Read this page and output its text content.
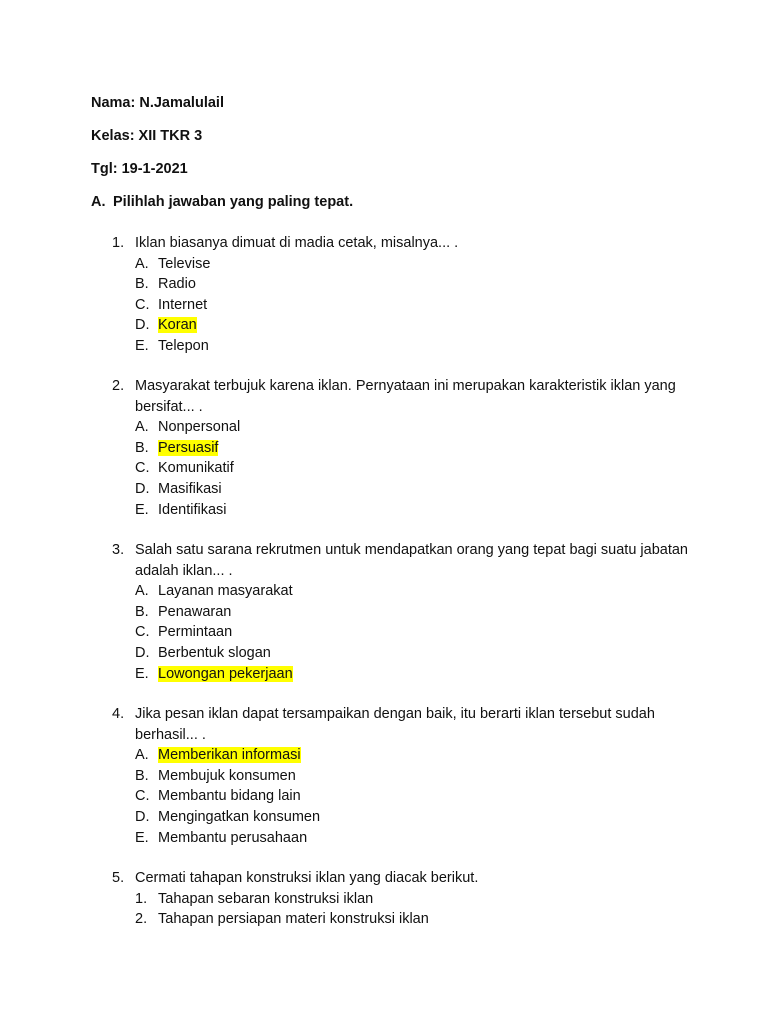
Nama: N.Jamalulail
Kelas: XII TKR 3
Tgl: 19-1-2021
A. Pilihlah jawaban yang paling tepat.
1. Iklan biasanya dimuat di madia cetak, misalnya... .
A. Televise
B. Radio
C. Internet
D. Koran
E. Telepon
2. Masyarakat terbujuk karena iklan. Pernyataan ini merupakan karakteristik iklan yang bersifat... .
A. Nonpersonal
B. Persuasif
C. Komunikatif
D. Masifikasi
E. Identifikasi
3. Salah satu sarana rekrutmen untuk mendapatkan orang yang tepat bagi suatu jabatan adalah iklan... .
A. Layanan masyarakat
B. Penawaran
C. Permintaan
D. Berbentuk slogan
E. Lowongan pekerjaan
4. Jika pesan iklan dapat tersampaikan dengan baik, itu berarti iklan tersebut sudah berhasil... .
A. Memberikan informasi
B. Membujuk konsumen
C. Membantu bidang lain
D. Mengingatkan konsumen
E. Membantu perusahaan
5. Cermati tahapan konstruksi iklan yang diacak berikut.
1. Tahapan sebaran konstruksi iklan
2. Tahapan persiapan materi konstruksi iklan
